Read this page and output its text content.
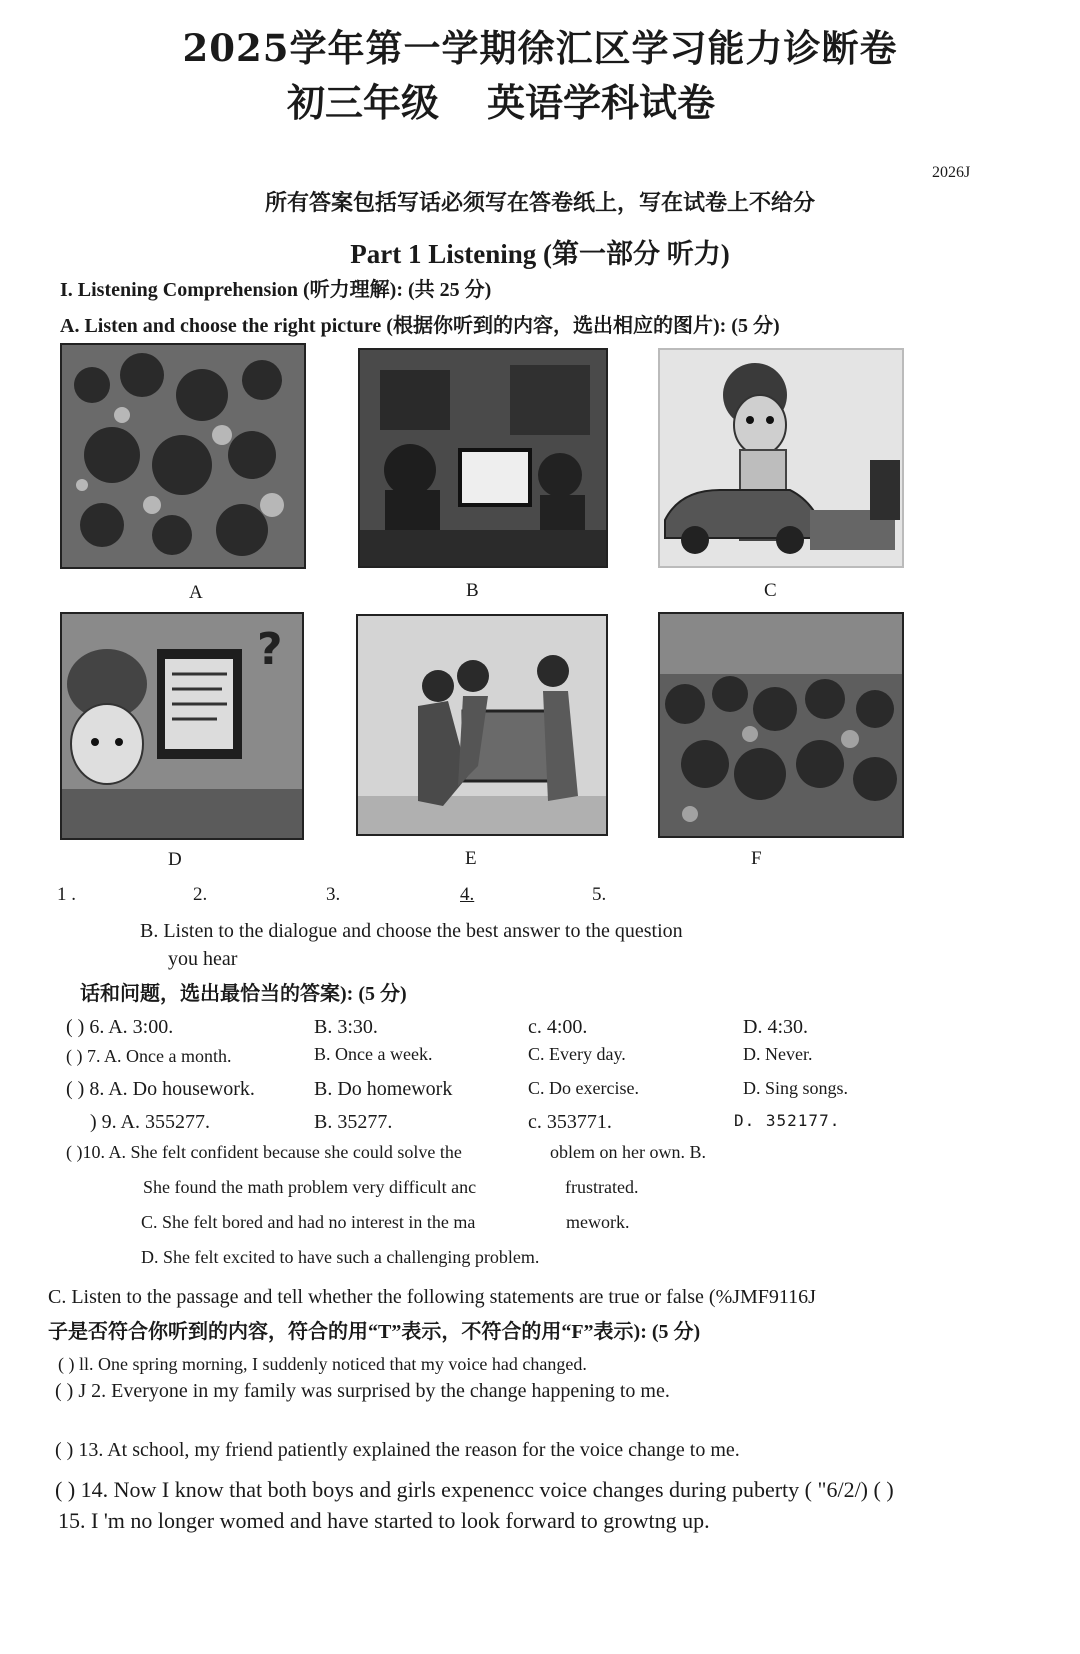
2025学年第一学期徐汇区学习能力诊断卷
初三年级 英语学科试卷
2026J
所有答案包括写话必须写在答卷纸上，写在试卷上不给分
Part 1 Listening (第一部分 听力)
I. Listening Comprehension (听力理解): (共 25 分)
A. Listen and choose the right picture (根据你听到的内容，选出相应的图片): (5 分)
A	B	C
?
D	E	F
1 .	2.	3.	4.	5.
B. Listen to the dialogue and choose the best answer to the question
you hear
话和问题，选出最恰当的答案): (5 分)
( ) 6. A. 3:00.	B. 3:30.	c. 4:00.	D. 4:30.
( ) 7. A. Once a month.	B. Once a week.	C. Every day.	D. Never.
( ) 8. A. Do housework.	B. Do homework	C. Do exercise.	D. Sing songs.
) 9. A. 355277.	B. 35277.	c. 353771.	D. 352177.
( )10. A. She felt confident because she could solve the	oblem on her own. B.
She found the math problem very difficult anc	frustrated.
C. She felt bored and had no interest in the ma	mework.
D. She felt excited to have such a challenging problem.
C. Listen to the passage and tell whether the following statements are true or false (%JMF9116J
子是否符合你听到的内容，符合的用“T”表示，不符合的用“F”表示): (5 分)
( ) ll. One spring morning, I suddenly noticed that my voice had changed.
( ) J 2. Everyone in my family was surprised by the change happening to me.
( ) 13. At school, my friend patiently explained the reason for the voice change to me.
( ) 14. Now I know that both boys and girls expenencc voice changes during puberty ( "6/2/) ( )
15. I 'm no longer womed and have started to look forward to growtng up.
